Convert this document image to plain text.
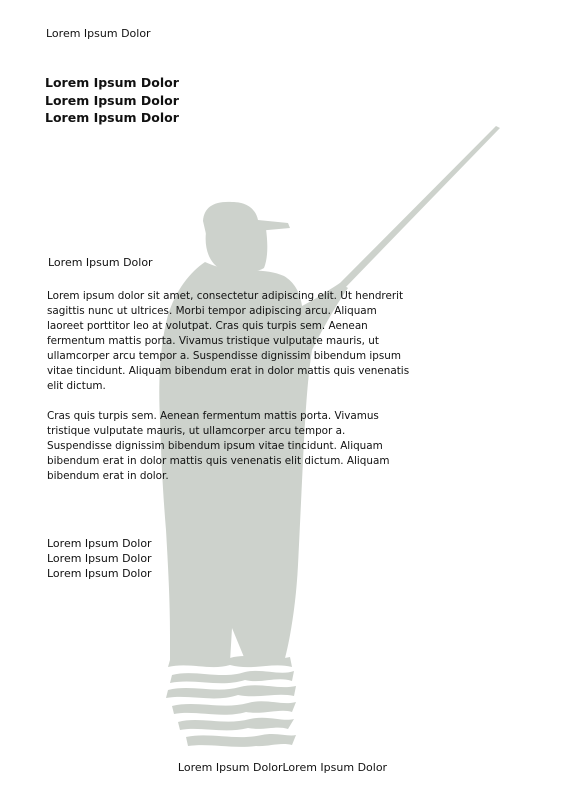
Lorem Ipsum Dolor
Lorem Ipsum Dolor
Lorem Ipsum Dolor
Lorem Ipsum Dolor
Lorem Ipsum Dolor

Lorem ipsum dolor sit amet, consectetur adipiscing elit. Ut hendrerit sagittis nunc ut ultrices. Morbi tempor adipiscing arcu. Aliquam laoreet porttitor leo at volutpat. Cras quis turpis sem. Aenean fermentum mattis porta. Vivamus tristique vulputate mauris, ut ullamcorper arcu tempor a. Suspendisse dignissim bibendum ipsum vitae tincidunt. Aliquam bibendum erat in dolor mattis quis venenatis elit dictum.

Cras quis turpis sem. Aenean fermentum mattis porta. Vivamus tristique vulputate mauris, ut ullamcorper arcu tempor a. Suspendisse dignissim bibendum ipsum vitae tincidunt. Aliquam bibendum erat in dolor mattis quis venenatis elit dictum. Aliquam bibendum erat in dolor.

Lorem Ipsum Dolor
Lorem Ipsum Dolor
Lorem Ipsum Dolor
Lorem Ipsum DolorLorem Ipsum Dolor
